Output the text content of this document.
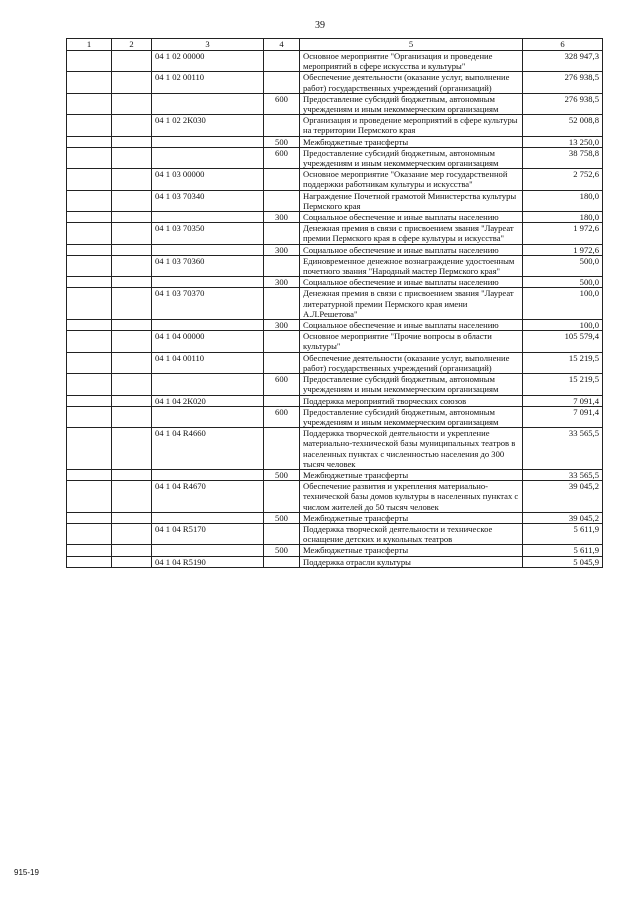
39
1	2	3	4	5	6
		04 1 02 00000		Основное мероприятие "Организация и проведение мероприятий в сфере искусства и культуры"	328 947,3
		04 1 02 00110		Обеспечение деятельности (оказание услуг, выполнение работ) государственных учреждений (организаций)	276 938,5
			600	Предоставление субсидий бюджетным, автономным учреждениям и иным некоммерческим организациям	276 938,5
		04 1 02 2К030		Организация и проведение мероприятий в сфере культуры на территории Пермского края	52 008,8
			500	Межбюджетные трансферты	13 250,0
			600	Предоставление субсидий бюджетным, автономным учреждениям и иным некоммерческим организациям	38 758,8
		04 1 03 00000		Основное мероприятие "Оказание мер государственной поддержки работникам культуры и искусства"	2 752,6
		04 1 03 70340		Награждение Почетной грамотой Министерства культуры Пермского края	180,0
			300	Социальное обеспечение и иные выплаты населению	180,0
		04 1 03 70350		Денежная премия в связи с присвоением звания "Лауреат премии Пермского края в сфере культуры и искусства"	1 972,6
			300	Социальное обеспечение и иные выплаты населению	1 972,6
		04 1 03 70360		Единовременное денежное вознаграждение удостоенным почетного звания "Народный мастер Пермского края"	500,0
			300	Социальное обеспечение и иные выплаты населению	500,0
		04 1 03 70370		Денежная премия в связи с присвоением звания "Лауреат литературной премии Пермского края имени А.Л.Решетова"	100,0
			300	Социальное обеспечение и иные выплаты населению	100,0
		04 1 04 00000		Основное мероприятие "Прочие вопросы в области культуры"	105 579,4
		04 1 04 00110		Обеспечение деятельности (оказание услуг, выполнение работ) государственных учреждений (организаций)	15 219,5
			600	Предоставление субсидий бюджетным, автономным учреждениям и иным некоммерческим организациям	15 219,5
		04 1 04 2К020		Поддержка мероприятий творческих союзов	7 091,4
			600	Предоставление субсидий бюджетным, автономным учреждениям и иным некоммерческим организациям	7 091,4
		04 1 04 R4660		Поддержка творческой деятельности и укрепление материально-технической базы муниципальных театров в населенных пунктах с численностью населения до 300 тысяч человек	33 565,5
			500	Межбюджетные трансферты	33 565,5
		04 1 04 R4670		Обеспечение развития и укрепления материально-технической базы домов культуры в населенных пунктах с числом жителей до 50 тысяч человек	39 045,2
			500	Межбюджетные трансферты	39 045,2
		04 1 04 R5170		Поддержка творческой деятельности и техническое оснащение детских и кукольных театров	5 611,9
			500	Межбюджетные трансферты	5 611,9
		04 1 04 R5190		Поддержка отрасли культуры	5 045,9
915-19
